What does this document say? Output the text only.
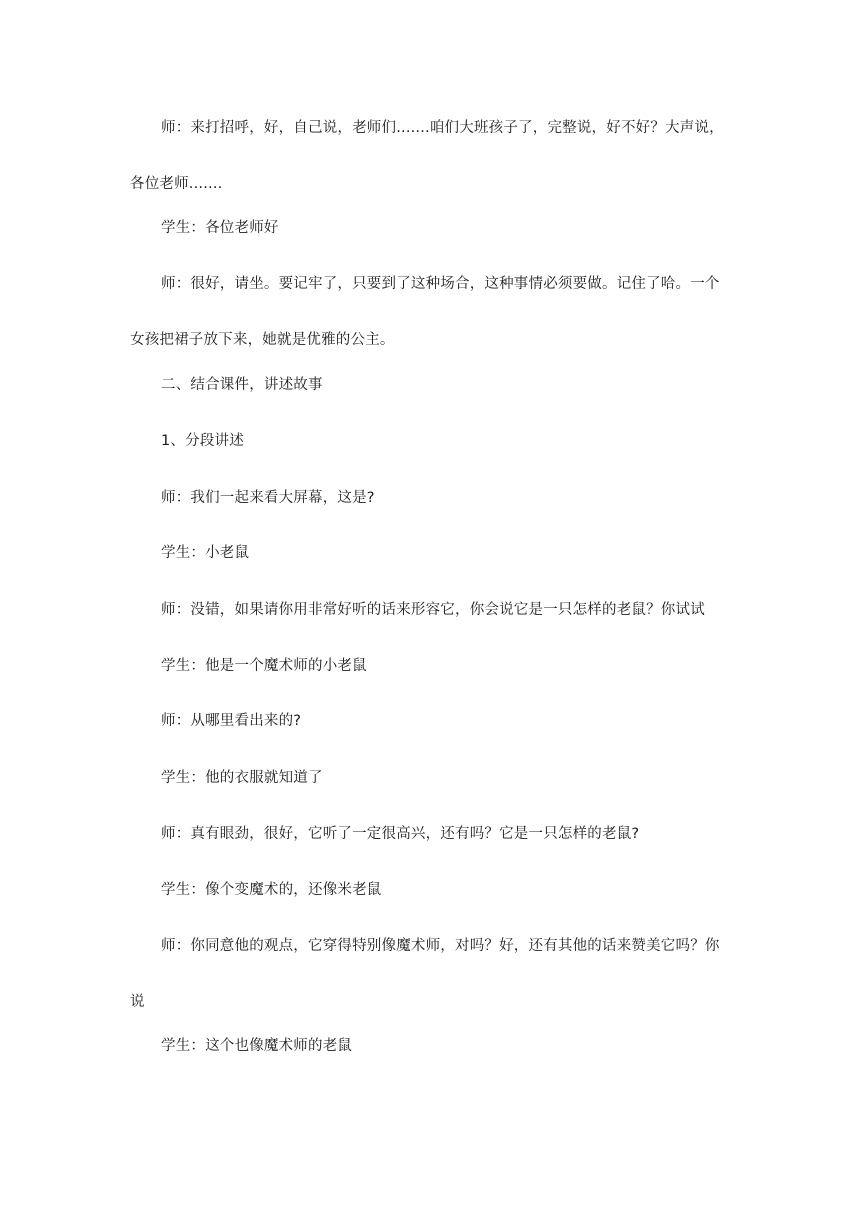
师：来打招呼，好，自己说，老师们.......咱们大班孩子了，完整说，好不好？大声说，各位老师.......

学生：各位老师好

师：很好，请坐。要记牢了，只要到了这种场合，这种事情必须要做。记住了哈。一个女孩把裙子放下来，她就是优雅的公主。

二、结合课件，讲述故事

1、分段讲述

师：我们一起来看大屏幕，这是?

学生：小老鼠

师：没错，如果请你用非常好听的话来形容它，你会说它是一只怎样的老鼠？你试试

学生：他是一个魔术师的小老鼠

师：从哪里看出来的?

学生：他的衣服就知道了

师：真有眼劲，很好，它听了一定很高兴，还有吗？它是一只怎样的老鼠?

学生：像个变魔术的，还像米老鼠

师：你同意他的观点，它穿得特别像魔术师，对吗？好，还有其他的话来赞美它吗？你说

学生：这个也像魔术师的老鼠
